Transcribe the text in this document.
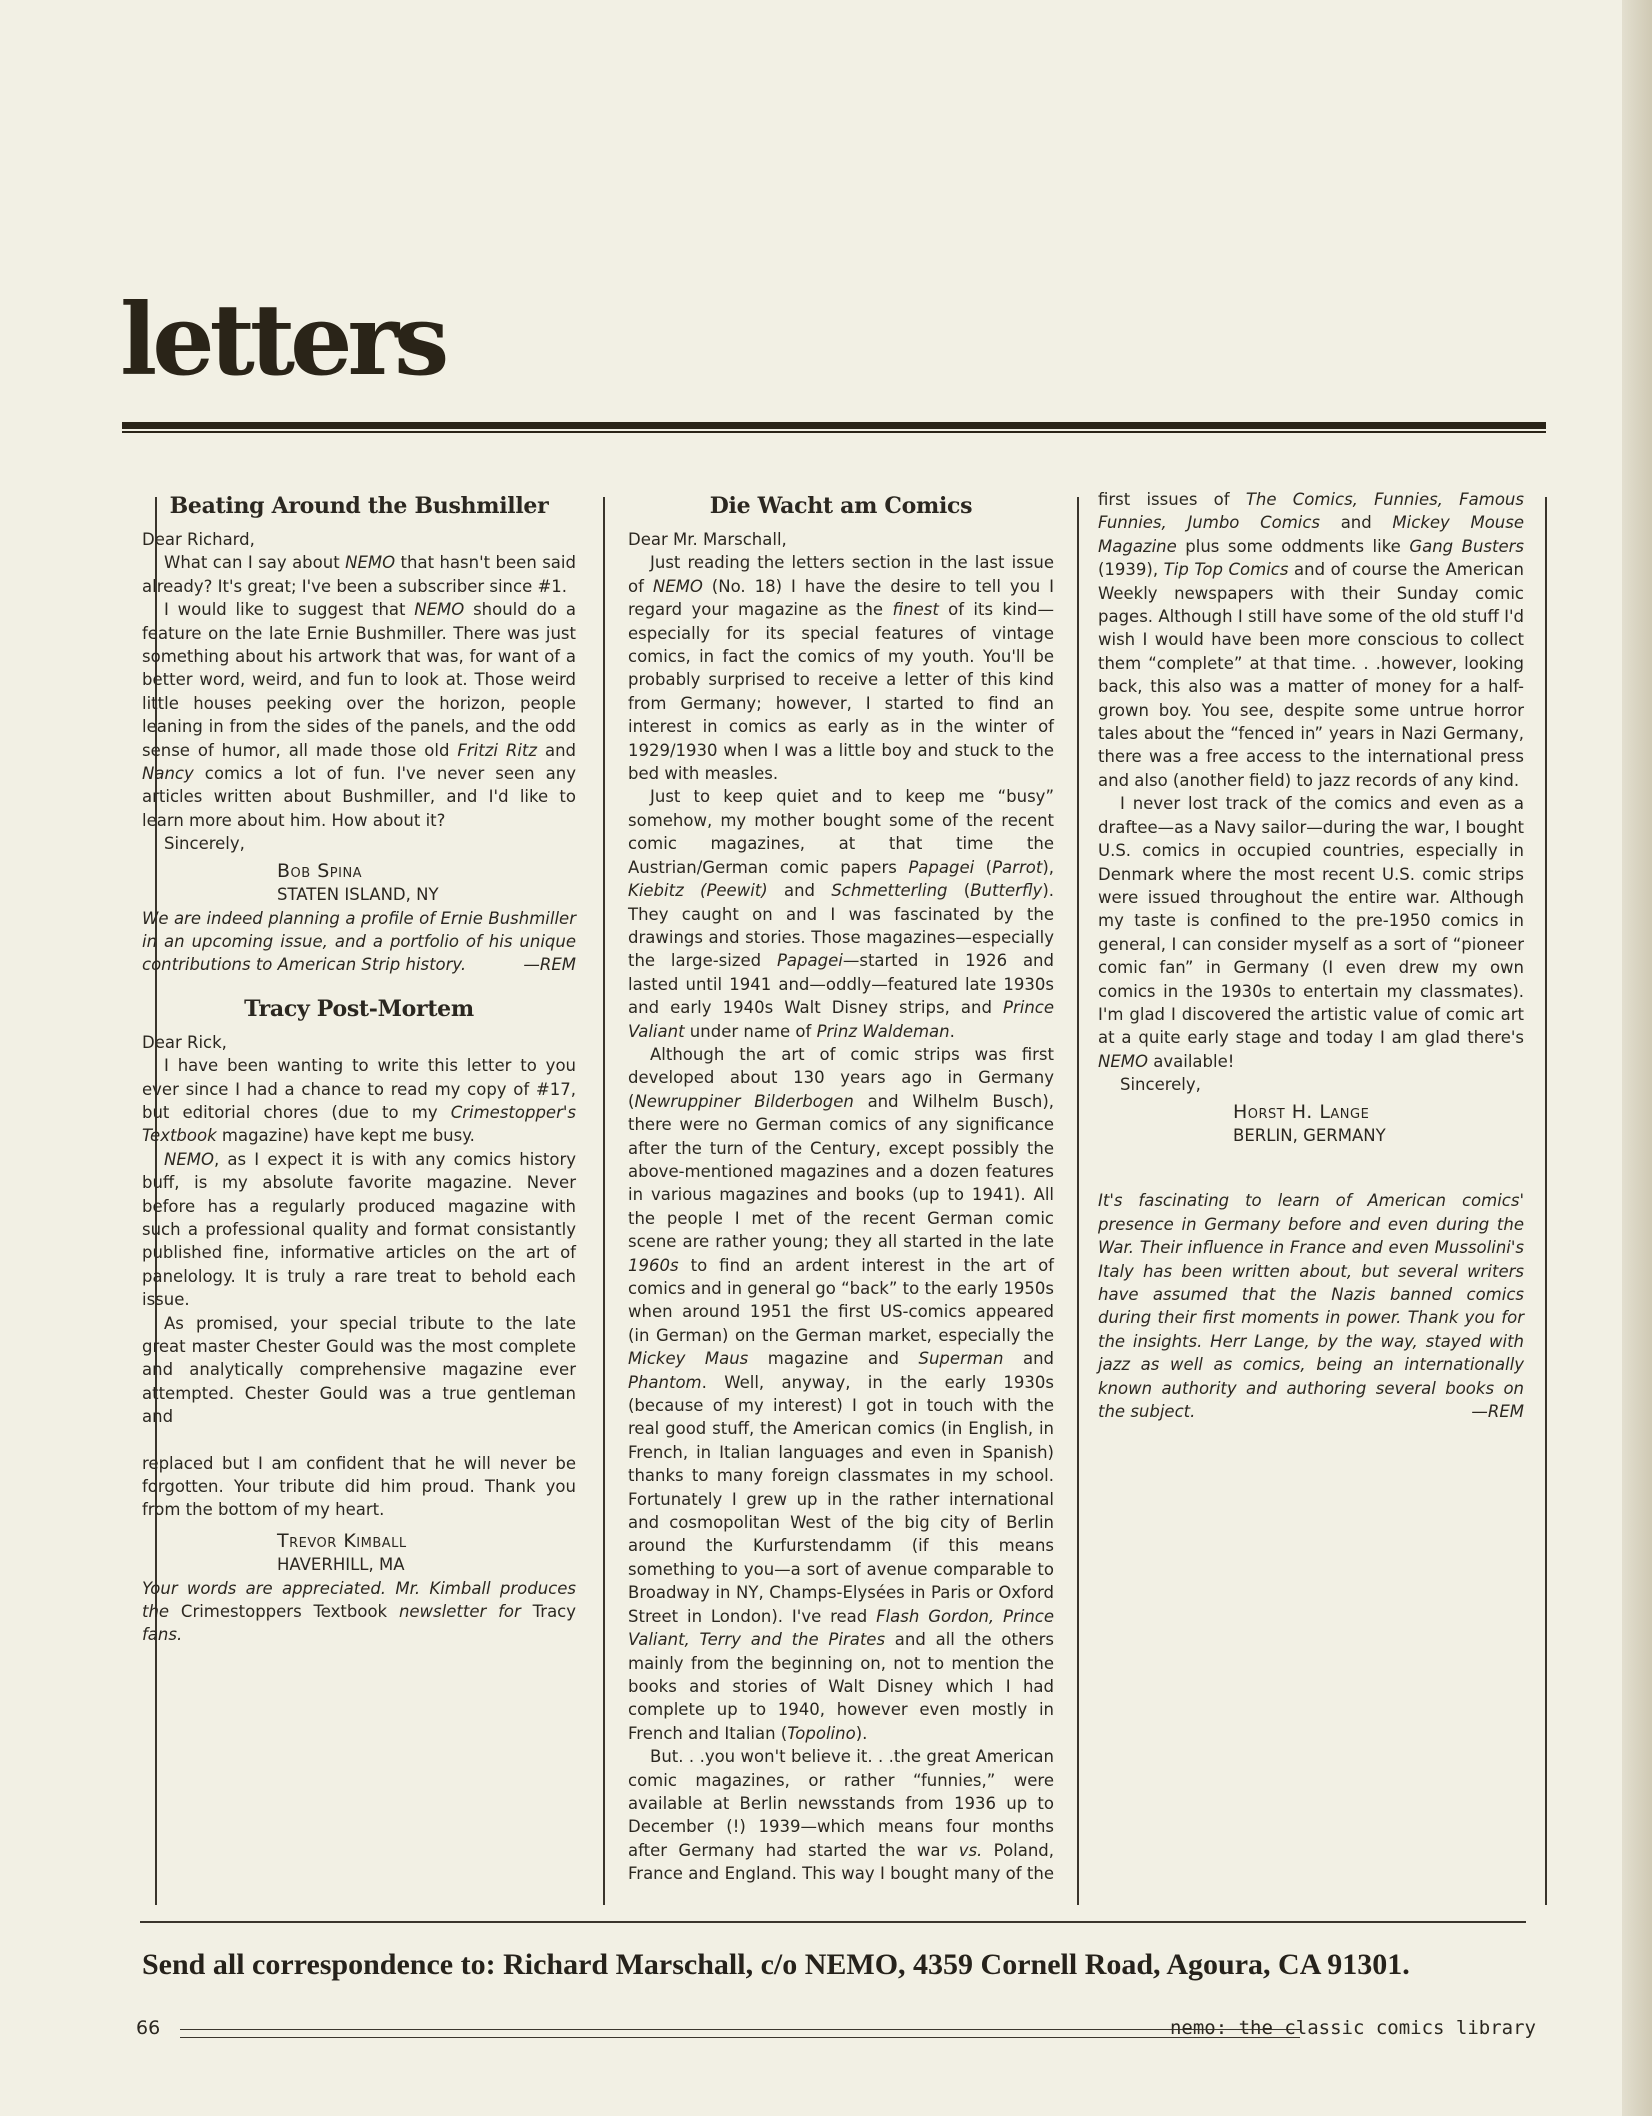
letters
Beating Around the Bushmiller

Dear Richard,

What can I say about NEMO that hasn't been said already? It's great; I've been a subscriber since #1.

I would like to suggest that NEMO should do a feature on the late Ernie Bushmiller. There was just something about his artwork that was, for want of a better word, weird, and fun to look at. Those weird little houses peeking over the horizon, people leaning in from the sides of the panels, and the odd sense of humor, all made those old Fritzi Ritz and Nancy comics a lot of fun. I've never seen any articles written about Bushmiller, and I'd like to learn more about him. How about it?

Sincerely,

Bob Spina
STATEN ISLAND, NY

We are indeed planning a profile of Ernie Bushmiller in an upcoming issue, and a portfolio of his unique contributions to American Strip history.	—REM

Tracy Post-Mortem

Dear Rick,

I have been wanting to write this letter to you ever since I had a chance to read my copy of #17, but editorial chores (due to my Crimestopper's Textbook magazine) have kept me busy.

NEMO, as I expect it is with any comics history buff, is my absolute favorite magazine. Never before has a regularly produced magazine with such a professional quality and format consistantly published fine, informative articles on the art of panelology. It is truly a rare treat to behold each issue.

As promised, your special tribute to the late great master Chester Gould was the most complete and analytically comprehensive magazine ever attempted. Chester Gould was a true gentleman and

replaced but I am confident that he will never be forgotten. Your tribute did him proud. Thank you from the bottom of my heart.

Trevor Kimball
HAVERHILL, MA

Your words are appreciated. Mr. Kimball produces the Crimestoppers Textbook newsletter for Tracy fans.

Die Wacht am Comics

Dear Mr. Marschall,

Just reading the letters section in the last issue of NEMO (No. 18) I have the desire to tell you I regard your magazine as the finest of its kind—especially for its special features of vintage comics, in fact the comics of my youth. You'll be probably surprised to receive a letter of this kind from Germany; however, I started to find an interest in comics as early as in the winter of 1929/1930 when I was a little boy and stuck to the bed with measles.

Just to keep quiet and to keep me “busy” somehow, my mother bought some of the recent comic magazines, at that time the Austrian/German comic papers Papagei (Parrot), Kiebitz (Peewit) and Schmetterling (Butterfly). They caught on and I was fascinated by the drawings and stories. Those magazines—especially the large-sized Papagei—started in 1926 and lasted until 1941 and—oddly—featured late 1930s and early 1940s Walt Disney strips, and Prince Valiant under name of Prinz Waldeman.

Although the art of comic strips was first developed about 130 years ago in Germany (Newruppiner Bilderbogen and Wilhelm Busch), there were no German comics of any significance after the turn of the Century, except possibly the above-mentioned magazines and a dozen features in various magazines and books (up to 1941). All the people I met of the recent German comic scene are rather young; they all started in the late 1960s to find an ardent interest in the art of comics and in general go “back” to the early 1950s when around 1951 the first US-comics appeared (in German) on the German market, especially the Mickey Maus magazine and Superman and Phantom. Well, anyway, in the early 1930s (because of my interest) I got in touch with the real good stuff, the American comics (in English, in French, in Italian languages and even in Spanish) thanks to many foreign classmates in my school. Fortunately I grew up in the rather international and cosmopolitan West of the big city of Berlin around the Kurfurstendamm (if this means something to you—a sort of avenue comparable to Broadway in NY, Champs-Elysées in Paris or Oxford Street in London). I've read Flash Gordon, Prince Valiant, Terry and the Pirates and all the others mainly from the beginning on, not to mention the books and stories of Walt Disney which I had complete up to 1940, however even mostly in French and Italian (Topolino).

But. . .you won't believe it. . .the great American comic magazines, or rather “funnies,” were available at Berlin newsstands from 1936 up to December (!) 1939—which means four months after Germany had started the war vs. Poland, France and England. This way I bought many of the first issues of The Comics, Funnies, Famous Funnies, Jumbo Comics and Mickey Mouse Magazine plus some oddments like Gang Busters (1939), Tip Top Comics and of course the American Weekly newspapers with their Sunday comic pages. Although I still have some of the old stuff I'd wish I would have been more conscious to collect them “complete” at that time. . .however, looking back, this also was a matter of money for a half-grown boy. You see, despite some untrue horror tales about the “fenced in” years in Nazi Germany, there was a free access to the international press and also (another field) to jazz records of any kind.

I never lost track of the comics and even as a draftee—as a Navy sailor—during the war, I bought U.S. comics in occupied countries, especially in Denmark where the most recent U.S. comic strips were issued throughout the entire war. Although my taste is confined to the pre-1950 comics in general, I can consider myself as a sort of “pioneer comic fan” in Germany (I even drew my own comics in the 1930s to entertain my classmates). I'm glad I discovered the artistic value of comic art at a quite early stage and today I am glad there's NEMO available!

Sincerely,

Horst H. Lange
BERLIN, GERMANY

It's fascinating to learn of American comics' presence in Germany before and even during the War. Their influence in France and even Mussolini's Italy has been written about, but several writers have assumed that the Nazis banned comics during their first moments in power. Thank you for the insights. Herr Lange, by the way, stayed with jazz as well as comics, being an internationally known authority and authoring several books on the subject.	—REM

Send all correspondence to: Richard Marschall, c/o NEMO, 4359 Cornell Road, Agoura, CA 91301.
66	nemo: the classic comics library
